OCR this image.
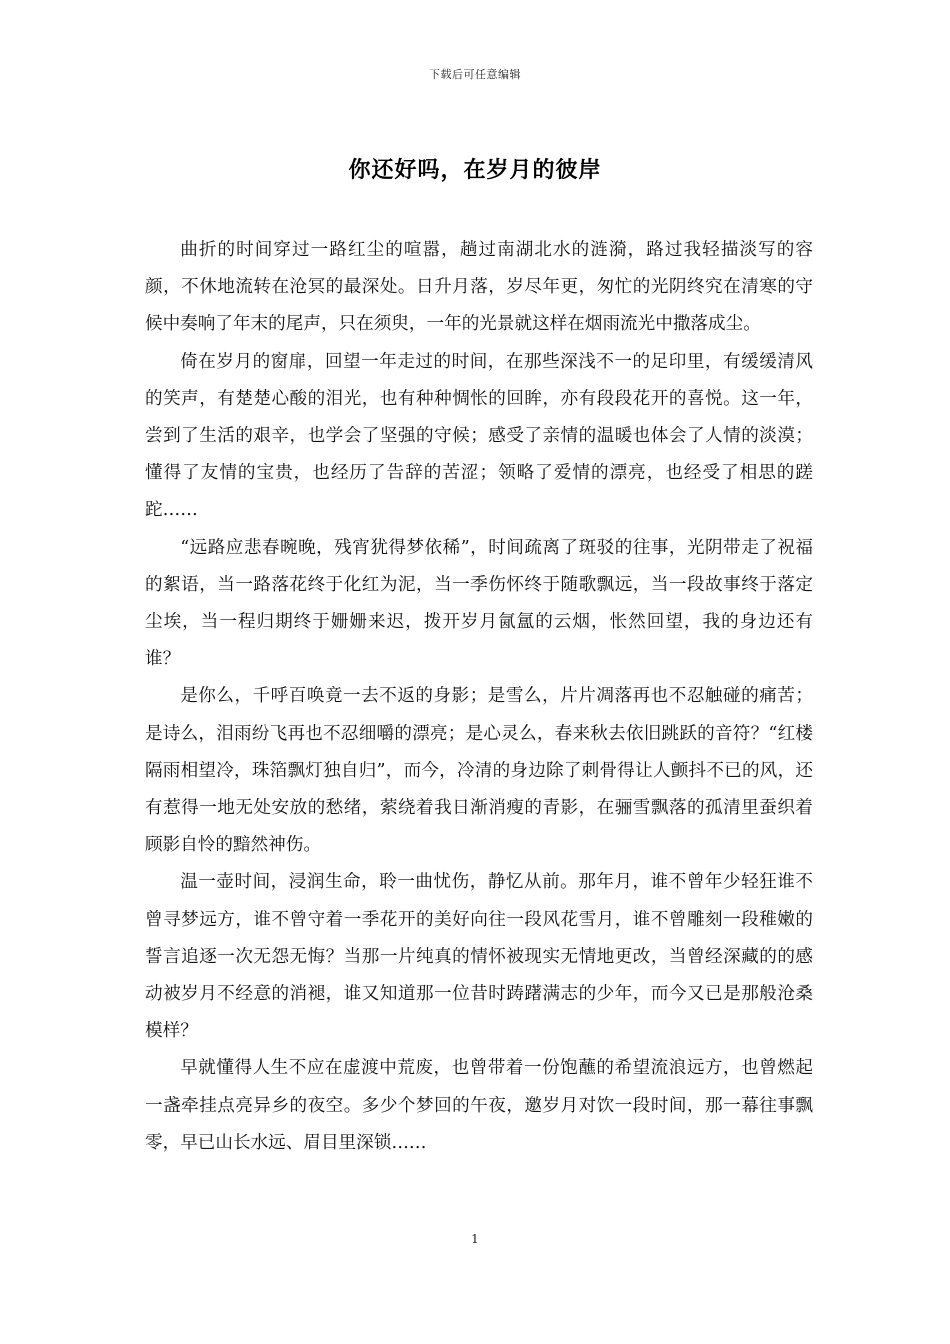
下载后可任意编辑
你还好吗，在岁月的彼岸

曲折的时间穿过一路红尘的喧嚣，趟过南湖北水的涟漪，路过我轻描淡写的容颜，不休地流转在沧冥的最深处。日升月落，岁尽年更，匆忙的光阴终究在清寒的守候中奏响了年末的尾声，只在须臾，一年的光景就这样在烟雨流光中撒落成尘。

倚在岁月的窗扉，回望一年走过的时间，在那些深浅不一的足印里，有缓缓清风的笑声，有楚楚心酸的泪光，也有种种惆怅的回眸，亦有段段花开的喜悦。这一年，尝到了生活的艰辛，也学会了坚强的守候；感受了亲情的温暖也体会了人情的淡漠；懂得了友情的宝贵，也经历了告辞的苦涩；领略了爱情的漂亮，也经受了相思的蹉跎……

“远路应悲春晼晚，残宵犹得梦依稀”，时间疏离了斑驳的往事，光阴带走了祝福的絮语，当一路落花终于化红为泥，当一季伤怀终于随歌飘远，当一段故事终于落定尘埃，当一程归期终于姗姗来迟，拨开岁月氤氲的云烟，怅然回望，我的身边还有谁？

是你么，千呼百唤竟一去不返的身影；是雪么，片片凋落再也不忍触碰的痛苦；是诗么，泪雨纷飞再也不忍细嚼的漂亮；是心灵么，春来秋去依旧跳跃的音符？“红楼隔雨相望冷，珠箔飘灯独自归”，而今，冷清的身边除了刺骨得让人颤抖不已的风，还有惹得一地无处安放的愁绪，萦绕着我日渐消瘦的青影，在骊雪飘落的孤清里蚕织着顾影自怜的黯然神伤。

温一壶时间，浸润生命，聆一曲忧伤，静忆从前。那年月，谁不曾年少轻狂谁不曾寻梦远方，谁不曾守着一季花开的美好向往一段风花雪月，谁不曾雕刻一段稚嫩的誓言追逐一次无怨无悔？当那一片纯真的情怀被现实无情地更改，当曾经深藏的的感动被岁月不经意的消褪，谁又知道那一位昔时踌躇满志的少年，而今又已是那般沧桑模样？

早就懂得人生不应在虚渡中荒废，也曾带着一份饱蘸的希望流浪远方，也曾燃起一盏牵挂点亮异乡的夜空。多少个梦回的午夜，邀岁月对饮一段时间，那一幕往事飘零，早已山长水远、眉目里深锁……

1
